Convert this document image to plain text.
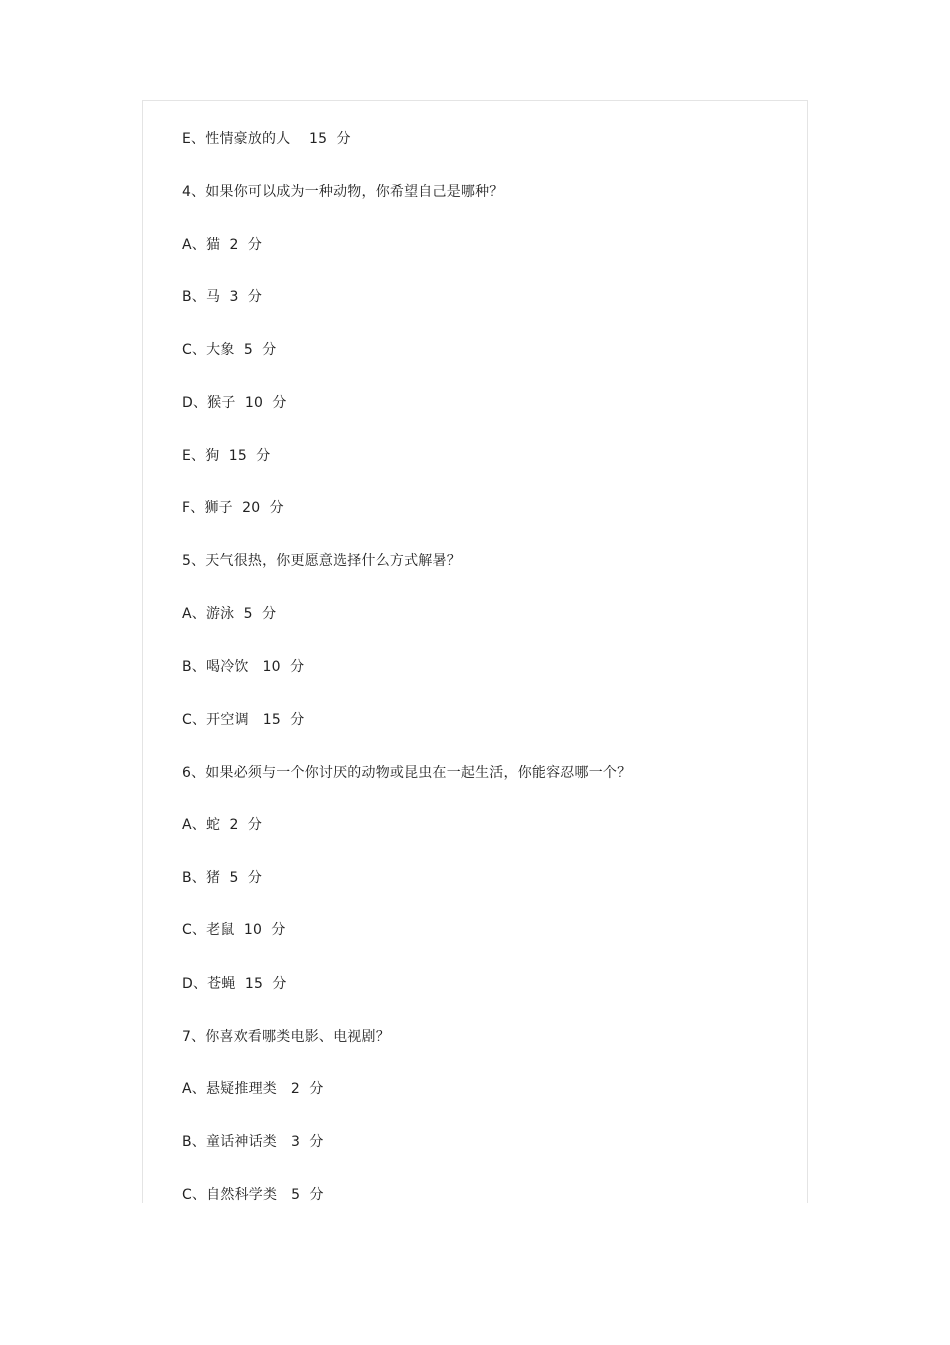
E、性情豪放的人    15  分
4、如果你可以成为一种动物，你希望自己是哪种？
A、猫  2  分
B、马  3  分
C、大象  5  分
D、猴子  10  分
E、狗  15  分
F、狮子  20  分
5、天气很热，你更愿意选择什么方式解暑？
A、游泳  5  分
B、喝冷饮   10  分
C、开空调   15  分
6、如果必须与一个你讨厌的动物或昆虫在一起生活，你能容忍哪一个？
A、蛇  2  分
B、猪  5  分
C、老鼠  10  分
D、苍蝇  15  分
7、你喜欢看哪类电影、电视剧？
A、悬疑推理类   2  分
B、童话神话类   3  分
C、自然科学类   5  分
